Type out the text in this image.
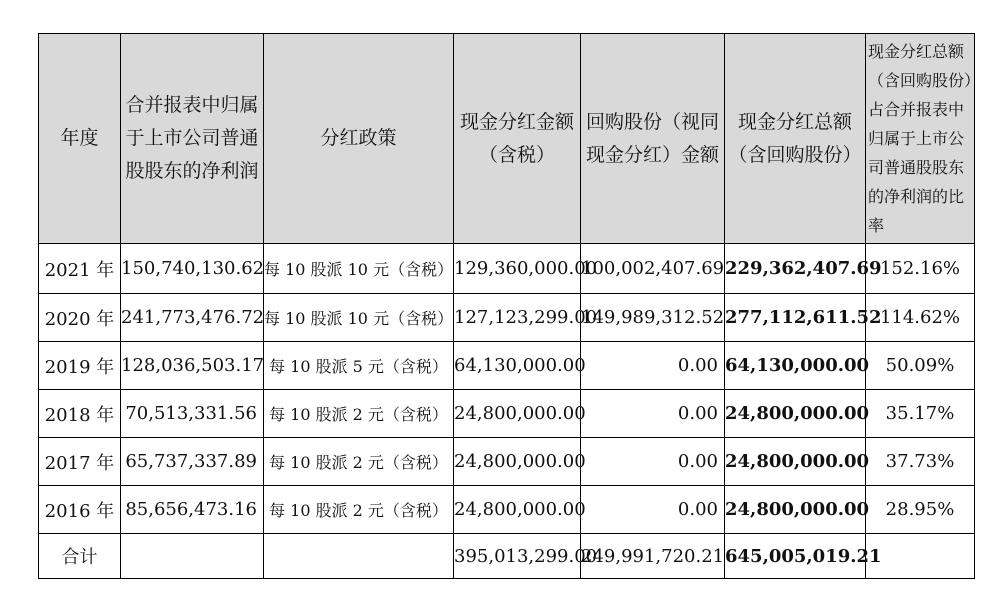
年度	合并报表中归属于上市公司普通股股东的净利润	分红政策	现金分红金额（含税）	回购股份（视同现金分红）金额	现金分红总额（含回购股份）	现金分红总额（含回购股份）占合并报表中归属于上市公司普通股股东的净利润的比率
2021 年	150,740,130.62	每 10 股派 10 元（含税）	129,360,000.00	100,002,407.69	229,362,407.69	152.16%
2020 年	241,773,476.72	每 10 股派 10 元（含税）	127,123,299.00	149,989,312.52	277,112,611.52	114.62%
2019 年	128,036,503.17	每 10 股派 5 元（含税）	64,130,000.00	0.00	64,130,000.00	50.09%
2018 年	70,513,331.56	每 10 股派 2 元（含税）	24,800,000.00	0.00	24,800,000.00	35.17%
2017 年	65,737,337.89	每 10 股派 2 元（含税）	24,800,000.00	0.00	24,800,000.00	37.73%
2016 年	85,656,473.16	每 10 股派 2 元（含税）	24,800,000.00	0.00	24,800,000.00	28.95%
合计			395,013,299.00	249,991,720.21	645,005,019.21	
